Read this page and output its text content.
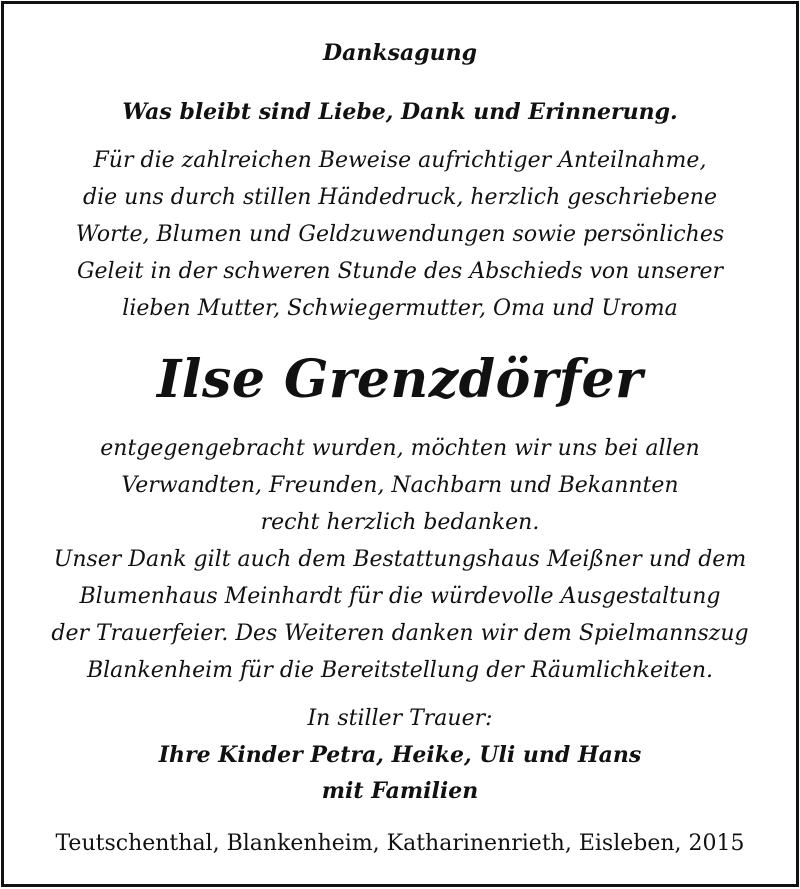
Danksagung
Was bleibt sind Liebe, Dank und Erinnerung.
Für die zahlreichen Beweise aufrichtiger Anteilnahme,
die uns durch stillen Händedruck, herzlich geschriebene
Worte, Blumen und Geldzuwendungen sowie persönliches
Geleit in der schweren Stunde des Abschieds von unserer
lieben Mutter, Schwiegermutter, Oma und Uroma
Ilse Grenzdörfer
entgegengebracht wurden, möchten wir uns bei allen
Verwandten, Freunden, Nachbarn und Bekannten
recht herzlich bedanken.
Unser Dank gilt auch dem Bestattungshaus Meißner und dem
Blumenhaus Meinhardt für die würdevolle Ausgestaltung
der Trauerfeier. Des Weiteren danken wir dem Spielmannszug
Blankenheim für die Bereitstellung der Räumlichkeiten.
In stiller Trauer:
Ihre Kinder Petra, Heike, Uli und Hans
mit Familien
Teutschenthal, Blankenheim, Katharinenrieth, Eisleben, 2015
